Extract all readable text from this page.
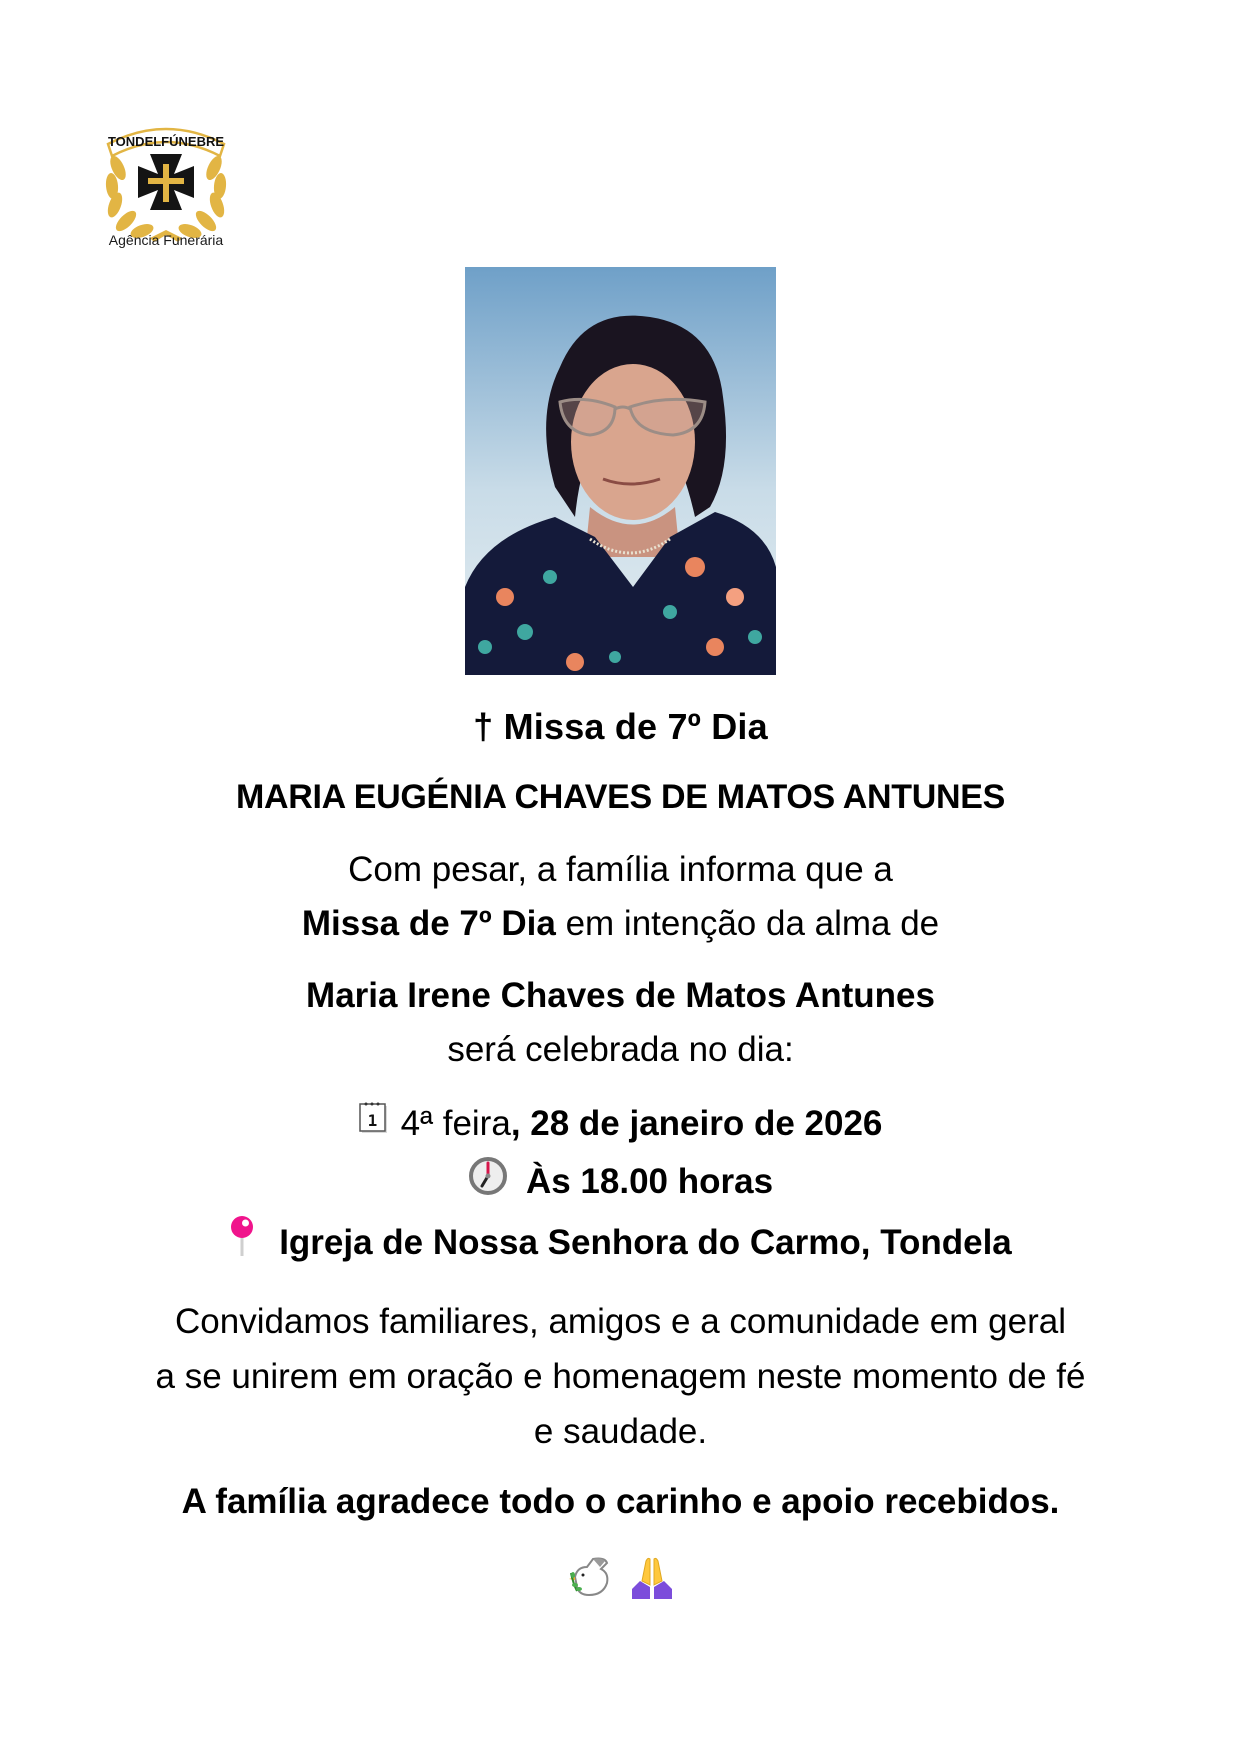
TONDELFÚNEBRE
Agência Funerária
† Missa de 7º Dia
MARIA EUGÉNIA CHAVES DE MATOS ANTUNES
Com pesar, a família informa que a
Missa de 7º Dia em intenção da alma de
Maria Irene Chaves de Matos Antunes
será celebrada no dia:
1 4ª feira, 28 de janeiro de 2026
Às 18.00 horas
Igreja de Nossa Senhora do Carmo, Tondela
Convidamos familiares, amigos e a comunidade em geral
a se unirem em oração e homenagem neste momento de fé
e saudade.
A família agradece todo o carinho e apoio recebidos.
